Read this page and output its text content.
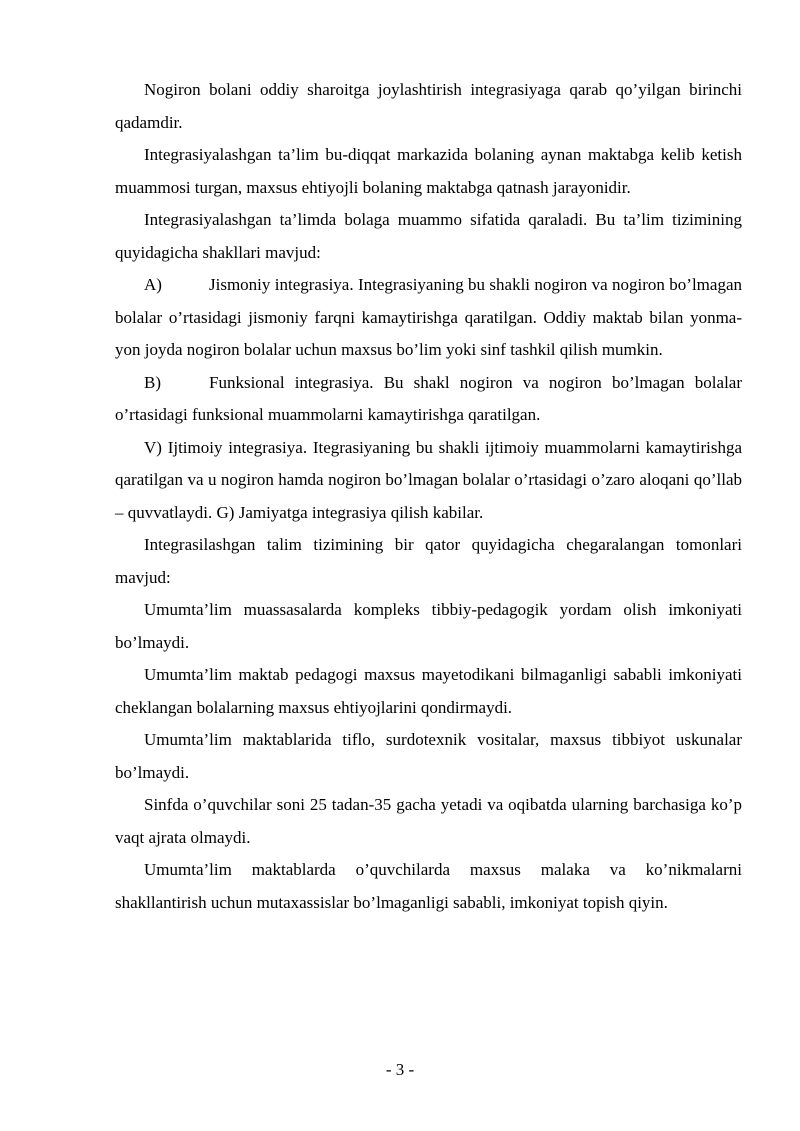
Nogiron bolani oddiy sharoitga joylashtirish integrasiyaga qarab qo’yilgan birinchi qadamdir.

Integrasiyalashgan ta’lim bu-diqqat markazida bolaning aynan maktabga kelib ketish muammosi turgan, maxsus ehtiyojli bolaning maktabga qatnash jarayonidir.

Integrasiyalashgan ta’limda bolaga muammo sifatida qaraladi. Bu ta’lim tizimining quyidagicha shakllari mavjud:

A)	Jismoniy integrasiya. Integrasiyaning bu shakli nogiron va nogiron bo’lmagan bolalar o’rtasidagi jismoniy farqni kamaytirishga qaratilgan. Oddiy maktab bilan yonma-yon joyda nogiron bolalar uchun maxsus bo’lim yoki sinf tashkil qilish mumkin.

B)	Funksional integrasiya. Bu shakl nogiron va nogiron bo’lmagan bolalar o’rtasidagi funksional muammolarni kamaytirishga qaratilgan.

V) Ijtimoiy integrasiya. Itegrasiyaning bu shakli ijtimoiy muammolarni kamaytirishga qaratilgan va u nogiron hamda nogiron bo’lmagan bolalar o’rtasidagi o’zaro aloqani qo’llab – quvvatlaydi. G) Jamiyatga integrasiya qilish kabilar.

Integrasilashgan talim tizimining bir qator quyidagicha chegaralangan tomonlari mavjud:

Umumta’lim muassasalarda kompleks tibbiy-pedagogik yordam olish imkoniyati bo’lmaydi.

Umumta’lim maktab pedagogi maxsus mayetodikani bilmaganligi sababli imkoniyati cheklangan bolalarning maxsus ehtiyojlarini qondirmaydi.

Umumta’lim maktablarida tiflo, surdotexnik vositalar, maxsus tibbiyot uskunalar bo’lmaydi.

Sinfda o’quvchilar soni 25 tadan-35 gacha yetadi va oqibatda ularning barchasiga ko’p vaqt ajrata olmaydi.

Umumta’lim maktablarda o’quvchilarda maxsus malaka va ko’nikmalarni shakllantirish uchun mutaxassislar bo’lmaganligi sababli, imkoniyat topish qiyin.

- 3 -
